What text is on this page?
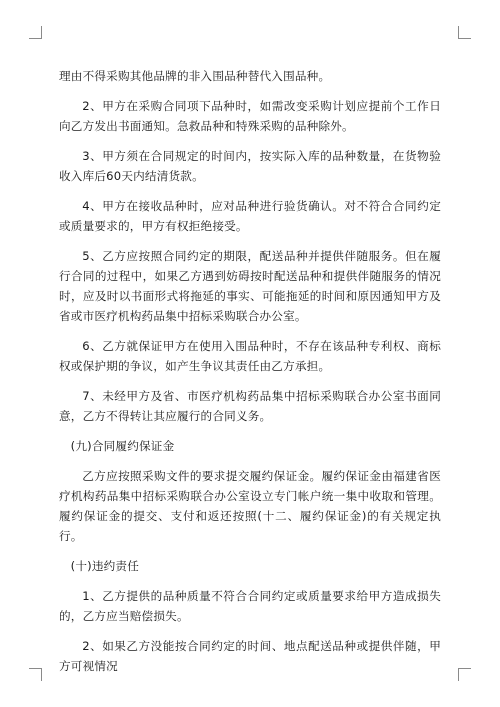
理由不得采购其他品牌的非入围品种替代入围品种。

2、甲方在采购合同项下品种时，如需改变采购计划应提前个工作日向乙方发出书面通知。急救品种和特殊采购的品种除外。

3、甲方须在合同规定的时间内，按实际入库的品种数量，在货物验收入库后60天内结清货款。

4、甲方在接收品种时，应对品种进行验货确认。对不符合合同约定或质量要求的，甲方有权拒绝接受。

5、乙方应按照合同约定的期限，配送品种并提供伴随服务。但在履行合同的过程中，如果乙方遇到妨碍按时配送品种和提供伴随服务的情况时，应及时以书面形式将拖延的事实、可能拖延的时间和原因通知甲方及省或市医疗机构药品集中招标采购联合办公室。

6、乙方就保证甲方在使用入围品种时，不存在该品种专利权、商标权或保护期的争议，如产生争议其责任由乙方承担。

7、未经甲方及省、市医疗机构药品集中招标采购联合办公室书面同意，乙方不得转让其应履行的合同义务。

(九)合同履约保证金

乙方应按照采购文件的要求提交履约保证金。履约保证金由福建省医疗机构药品集中招标采购联合办公室设立专门帐户统一集中收取和管理。履约保证金的提交、支付和返还按照(十二、履约保证金)的有关规定执行。

(十)违约责任

1、乙方提供的品种质量不符合合同约定或质量要求给甲方造成损失的，乙方应当赔偿损失。

2、如果乙方没能按合同约定的时间、地点配送品种或提供伴随，甲方可视情况
